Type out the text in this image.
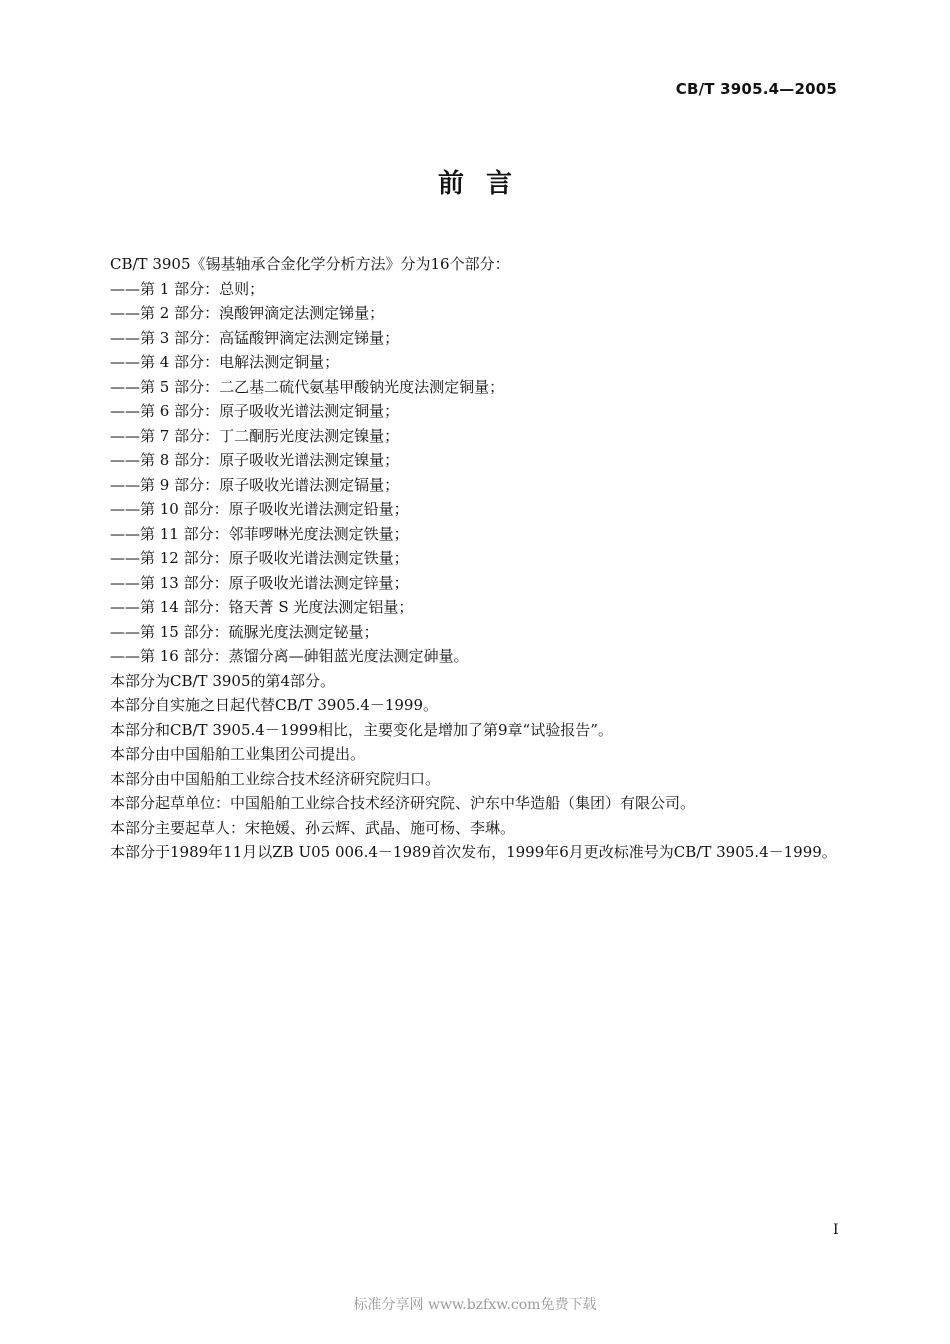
CB/T 3905.4—2005
前言
CB/T 3905《锡基轴承合金化学分析方法》分为16个部分：
——第 1 部分：总则；
——第 2 部分：溴酸钾滴定法测定锑量；
——第 3 部分：高锰酸钾滴定法测定锑量；
——第 4 部分：电解法测定铜量；
——第 5 部分：二乙基二硫代氨基甲酸钠光度法测定铜量；
——第 6 部分：原子吸收光谱法测定铜量；
——第 7 部分：丁二酮肟光度法测定镍量；
——第 8 部分：原子吸收光谱法测定镍量；
——第 9 部分：原子吸收光谱法测定镉量；
——第 10 部分：原子吸收光谱法测定铅量；
——第 11 部分：邻菲啰啉光度法测定铁量；
——第 12 部分：原子吸收光谱法测定铁量；
——第 13 部分：原子吸收光谱法测定锌量；
——第 14 部分：铬天菁 S 光度法测定铝量；
——第 15 部分：硫脲光度法测定铋量；
——第 16 部分：蒸馏分离—砷钼蓝光度法测定砷量。
本部分为CB/T 3905的第4部分。
本部分自实施之日起代替CB/T 3905.4－1999。
本部分和CB/T 3905.4－1999相比，主要变化是增加了第9章“试验报告”。
本部分由中国船舶工业集团公司提出。
本部分由中国船舶工业综合技术经济研究院归口。
本部分起草单位：中国船舶工业综合技术经济研究院、沪东中华造船（集团）有限公司。
本部分主要起草人：宋艳媛、孙云辉、武晶、施可杨、李琳。
本部分于1989年11月以ZB U05 006.4－1989首次发布，1999年6月更改标准号为CB/T 3905.4－1999。
I
标准分享网 www.bzfxw.com免费下载
